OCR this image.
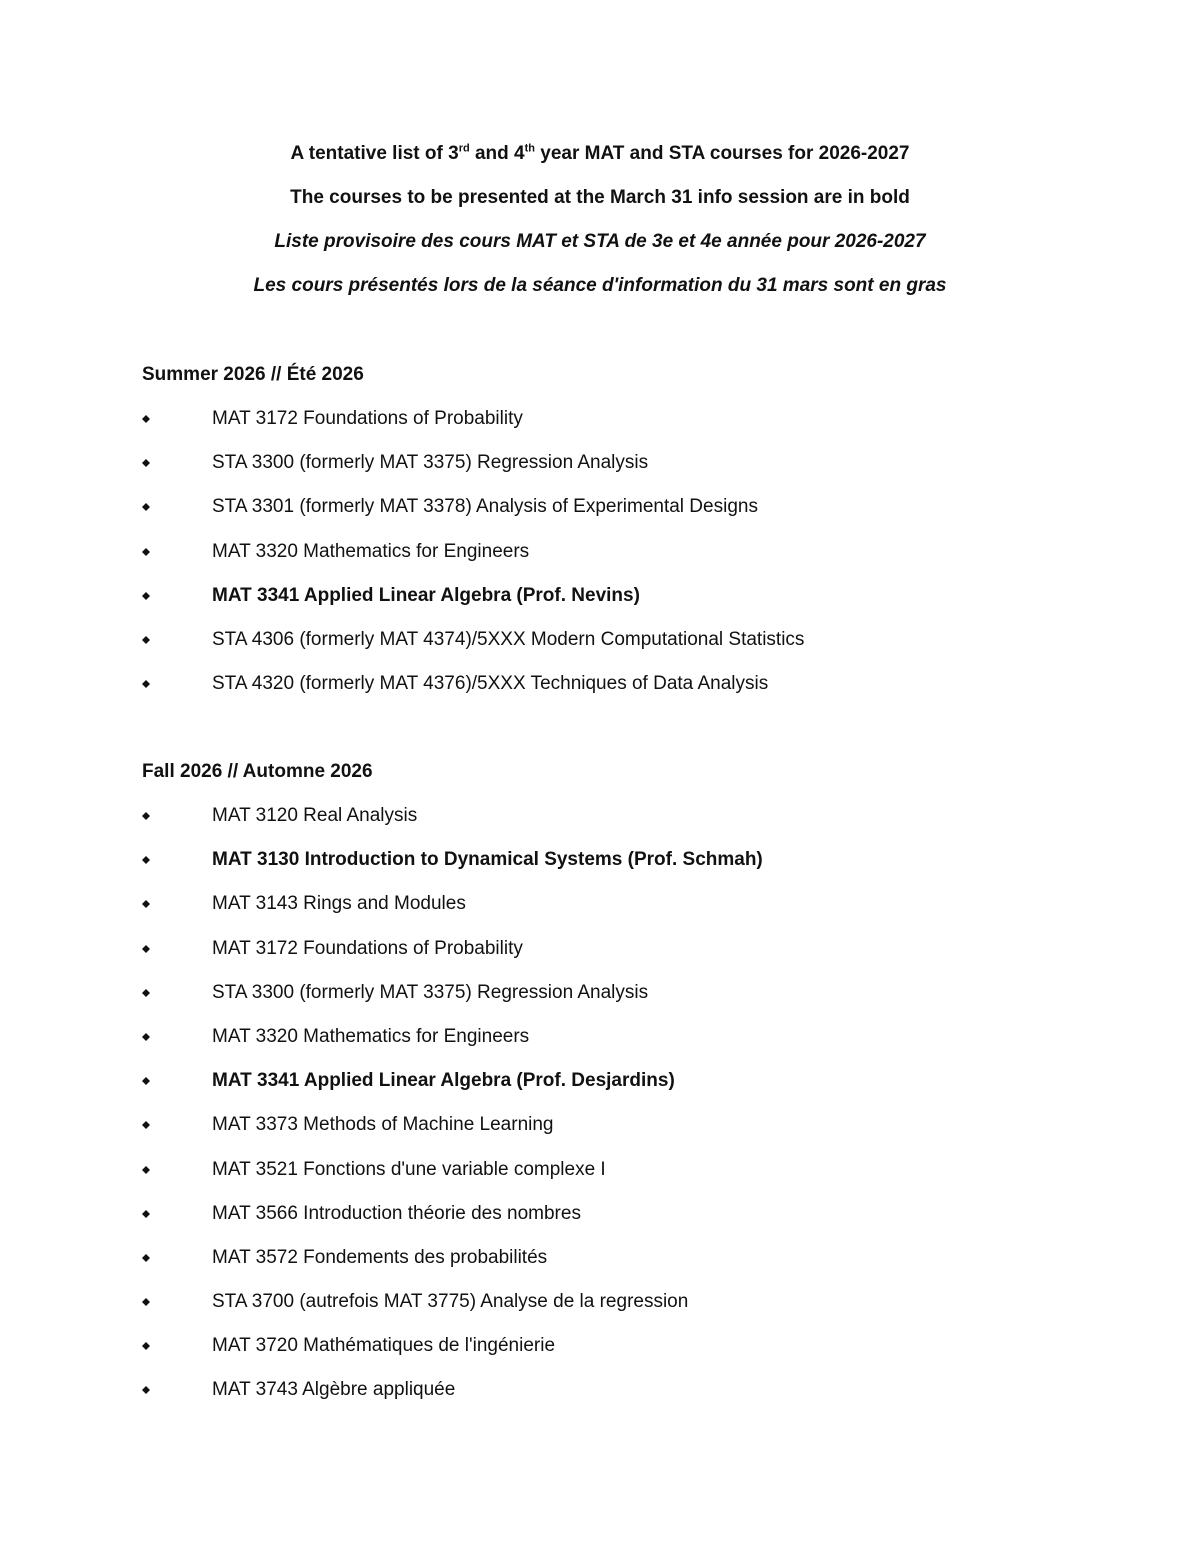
A tentative list of 3rd and 4th year MAT and STA courses for 2026-2027
The courses to be presented at the March 31 info session are in bold
Liste provisoire des cours MAT et STA de 3e et 4e année pour 2026-2027
Les cours présentés lors de la séance d'information du 31 mars sont en gras
Summer 2026 // Été 2026
MAT 3172 Foundations of Probability
STA 3300 (formerly MAT 3375) Regression Analysis
STA 3301 (formerly MAT 3378) Analysis of Experimental Designs
MAT 3320 Mathematics for Engineers
MAT 3341 Applied Linear Algebra (Prof. Nevins)
STA 4306 (formerly MAT 4374)/5XXX Modern Computational Statistics
STA 4320 (formerly MAT 4376)/5XXX Techniques of Data Analysis
Fall 2026 // Automne 2026
MAT 3120 Real Analysis
MAT 3130 Introduction to Dynamical Systems (Prof. Schmah)
MAT 3143 Rings and Modules
MAT 3172 Foundations of Probability
STA 3300 (formerly MAT 3375) Regression Analysis
MAT 3320 Mathematics for Engineers
MAT 3341 Applied Linear Algebra (Prof. Desjardins)
MAT 3373 Methods of Machine Learning
MAT 3521 Fonctions d'une variable complexe I
MAT 3566 Introduction théorie des nombres
MAT 3572 Fondements des probabilités
STA 3700 (autrefois MAT 3775) Analyse de la regression
MAT 3720 Mathématiques de l'ingénierie
MAT 3743 Algèbre appliquée
